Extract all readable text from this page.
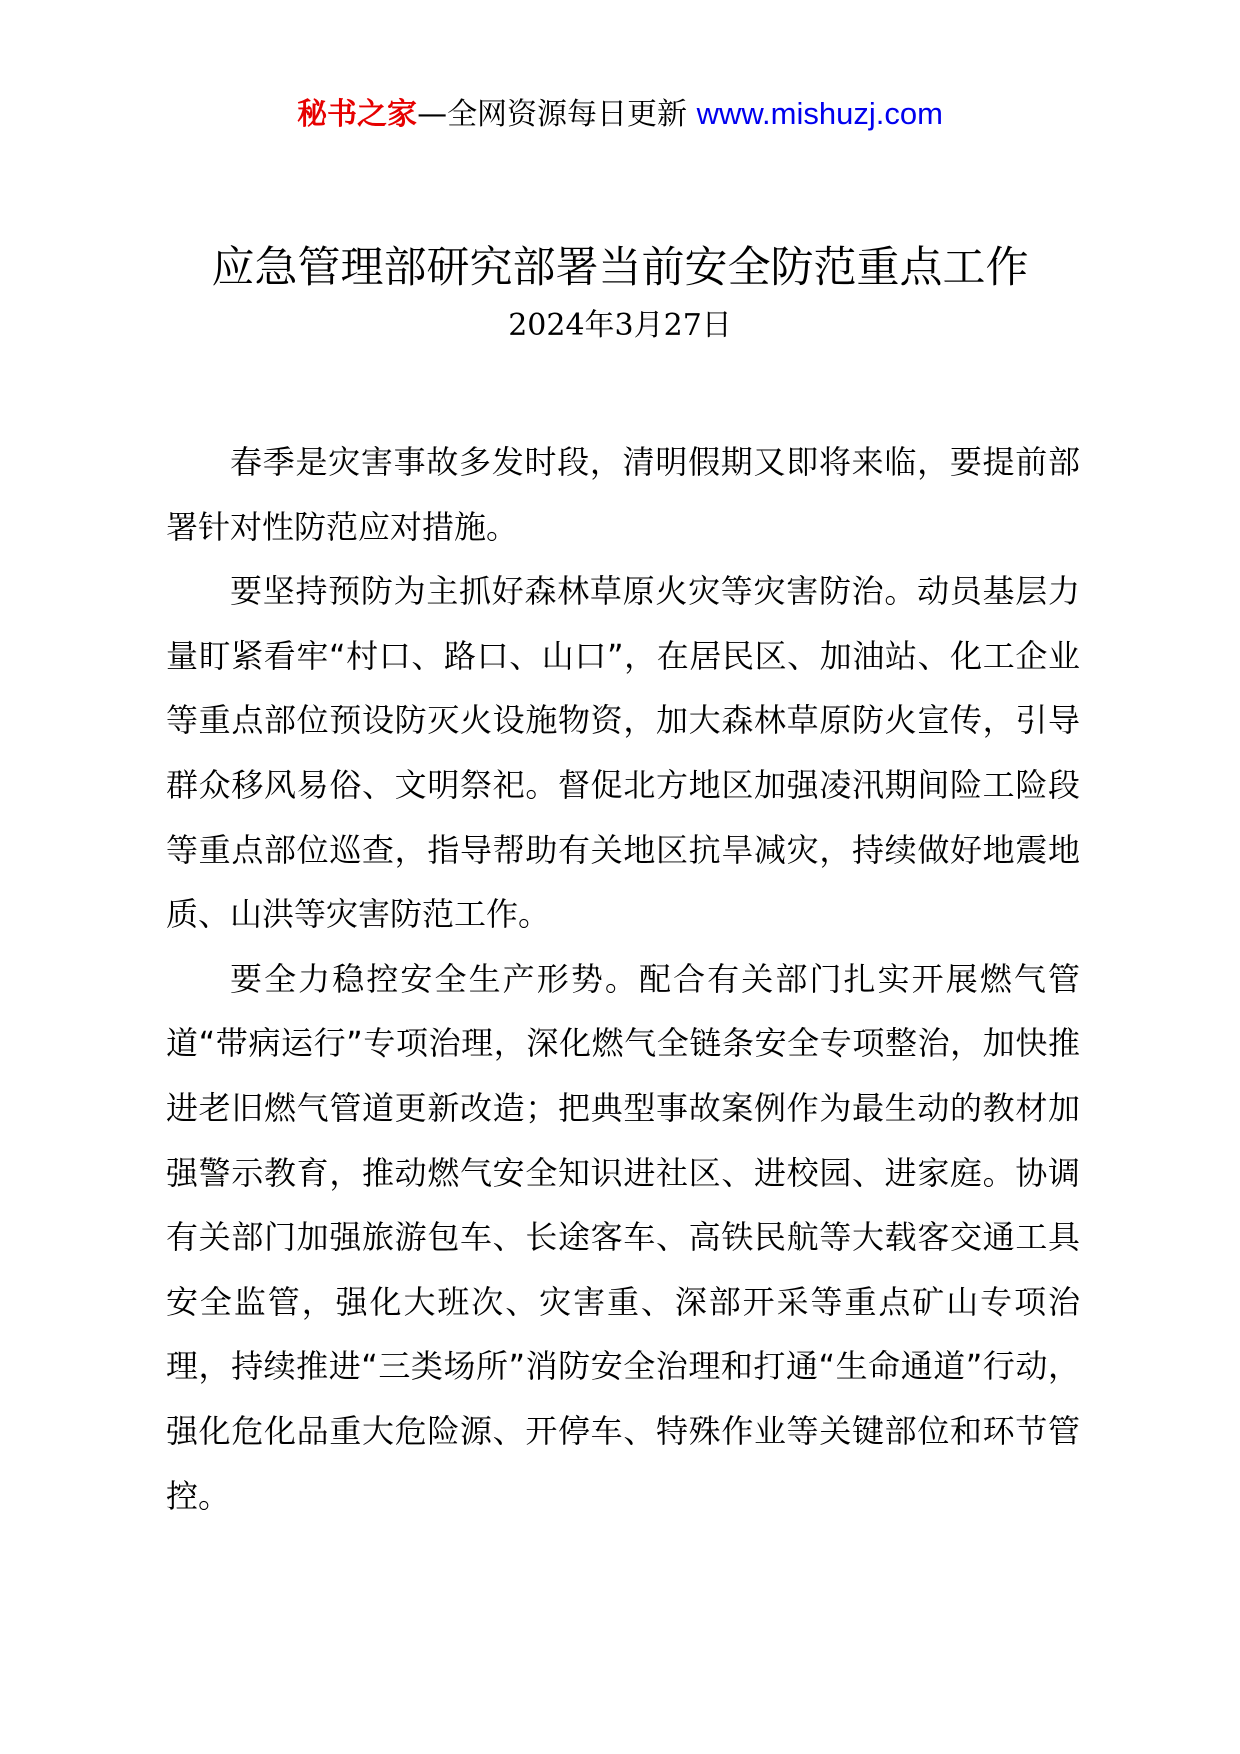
秘书之家—全网资源每日更新 www.mishuzj.com
应急管理部研究部署当前安全防范重点工作
2024年3月27日

春季是灾害事故多发时段，清明假期又即将来临，要提前部署针对性防范应对措施。

要坚持预防为主抓好森林草原火灾等灾害防治。动员基层力量盯紧看牢“村口、路口、山口”，在居民区、加油站、化工企业等重点部位预设防灭火设施物资，加大森林草原防火宣传，引导群众移风易俗、文明祭祀。督促北方地区加强凌汛期间险工险段等重点部位巡查，指导帮助有关地区抗旱减灾，持续做好地震地质、山洪等灾害防范工作。

要全力稳控安全生产形势。配合有关部门扎实开展燃气管道“带病运行”专项治理，深化燃气全链条安全专项整治，加快推进老旧燃气管道更新改造；把典型事故案例作为最生动的教材加强警示教育，推动燃气安全知识进社区、进校园、进家庭。协调有关部门加强旅游包车、长途客车、高铁民航等大载客交通工具安全监管，强化大班次、灾害重、深部开采等重点矿山专项治理，持续推进“三类场所”消防安全治理和打通“生命通道”行动，强化危化品重大危险源、开停车、特殊作业等关键部位和环节管控。
